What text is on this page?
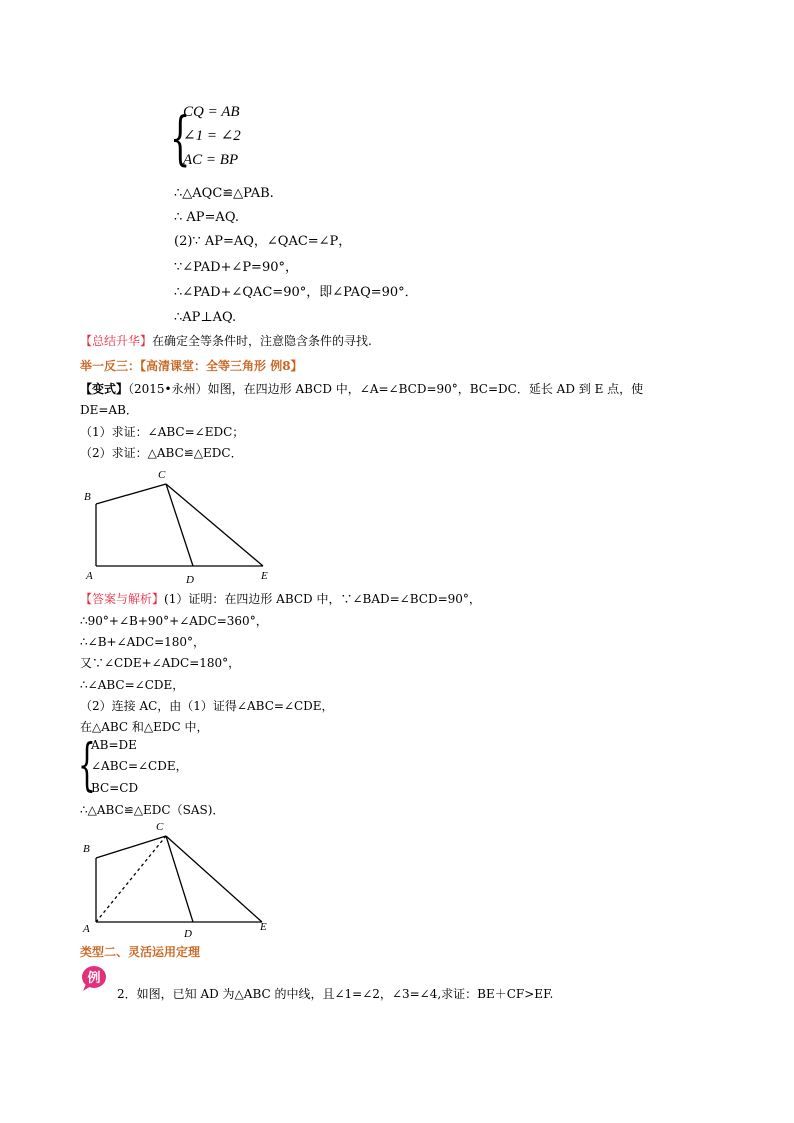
{
CQ = AB
∠1 = ∠2
AC = BP
∴△AQC≌△PAB.
∴ AP=AQ.
(2)∵ AP=AQ，∠QAC=∠P，
∵∠PAD+∠P=90°，
∴∠PAD+∠QAC=90°，即∠PAQ=90°．
∴AP⊥AQ.
【总结升华】在确定全等条件时，注意隐含条件的寻找.
举一反三：【高清课堂：全等三角形 例8】
【变式】（2015•永州）如图，在四边形 ABCD 中，∠A=∠BCD=90°，BC=DC．延长 AD 到 E 点，使
DE=AB．
（1）求证：∠ABC=∠EDC；
（2）求证：△ABC≌△EDC．
B
C
A	D	E
【答案与解析】(1）证明：在四边形 ABCD 中，∵∠BAD=∠BCD=90°，
∴90°+∠B+90°+∠ADC=360°，
∴∠B+∠ADC=180°，
又∵∠CDE+∠ADC=180°，
∴∠ABC=∠CDE，
（2）连接 AC，由（1）证得∠ABC=∠CDE，
在△ABC 和△EDC 中，
{
AB=DE
∠ABC=∠CDE，
BC=CD
∴△ABC≌△EDC（SAS)．
B
C
A	D
E
类型二、灵活运用定理
例
2．如图，已知 AD 为△ABC 的中线，且∠1=∠2，∠3=∠4,求证：BE＋CF>EF.
